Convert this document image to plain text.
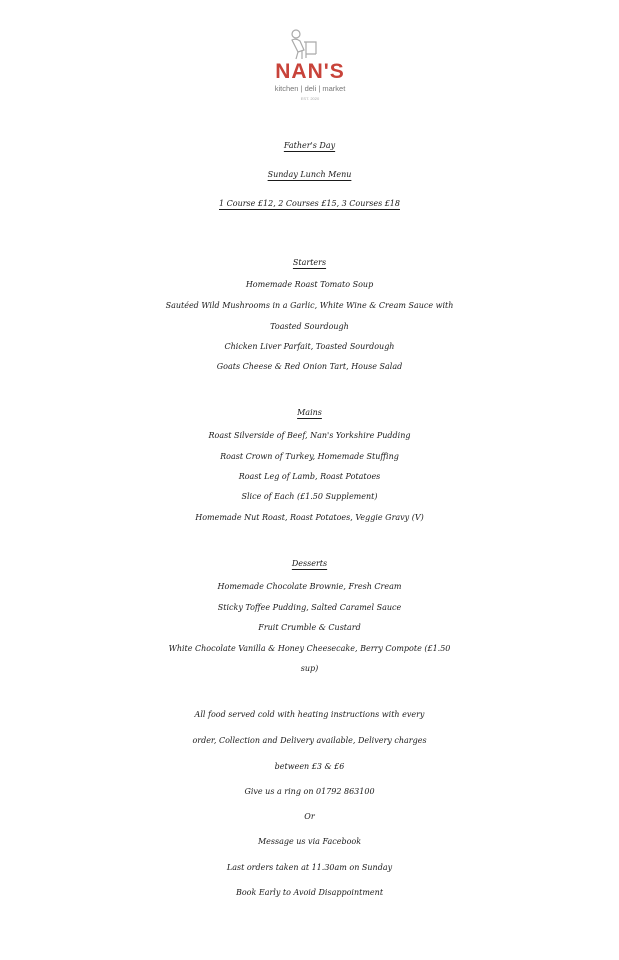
NAN'S
kitchen | deli | market
EST. 2020
Father's Day
Sunday Lunch Menu
1 Course £12, 2 Courses £15, 3 Courses £18
Starters
Homemade Roast Tomato Soup
Sautéed Wild Mushrooms in a Garlic, White Wine & Cream Sauce with
Toasted Sourdough
Chicken Liver Parfait, Toasted Sourdough
Goats Cheese & Red Onion Tart, House Salad
Mains
Roast Silverside of Beef, Nan's Yorkshire Pudding
Roast Crown of Turkey, Homemade Stuffing
Roast Leg of Lamb, Roast Potatoes
Slice of Each (£1.50 Supplement)
Homemade Nut Roast, Roast Potatoes, Veggie Gravy (V)
Desserts
Homemade Chocolate Brownie, Fresh Cream
Sticky Toffee Pudding, Salted Caramel Sauce
Fruit Crumble & Custard
White Chocolate Vanilla & Honey Cheesecake, Berry Compote (£1.50
sup)
All food served cold with heating instructions with every
order, Collection and Delivery available, Delivery charges
between £3 & £6
Give us a ring on 01792 863100
Or
Message us via Facebook
Last orders taken at 11.30am on Sunday
Book Early to Avoid Disappointment
